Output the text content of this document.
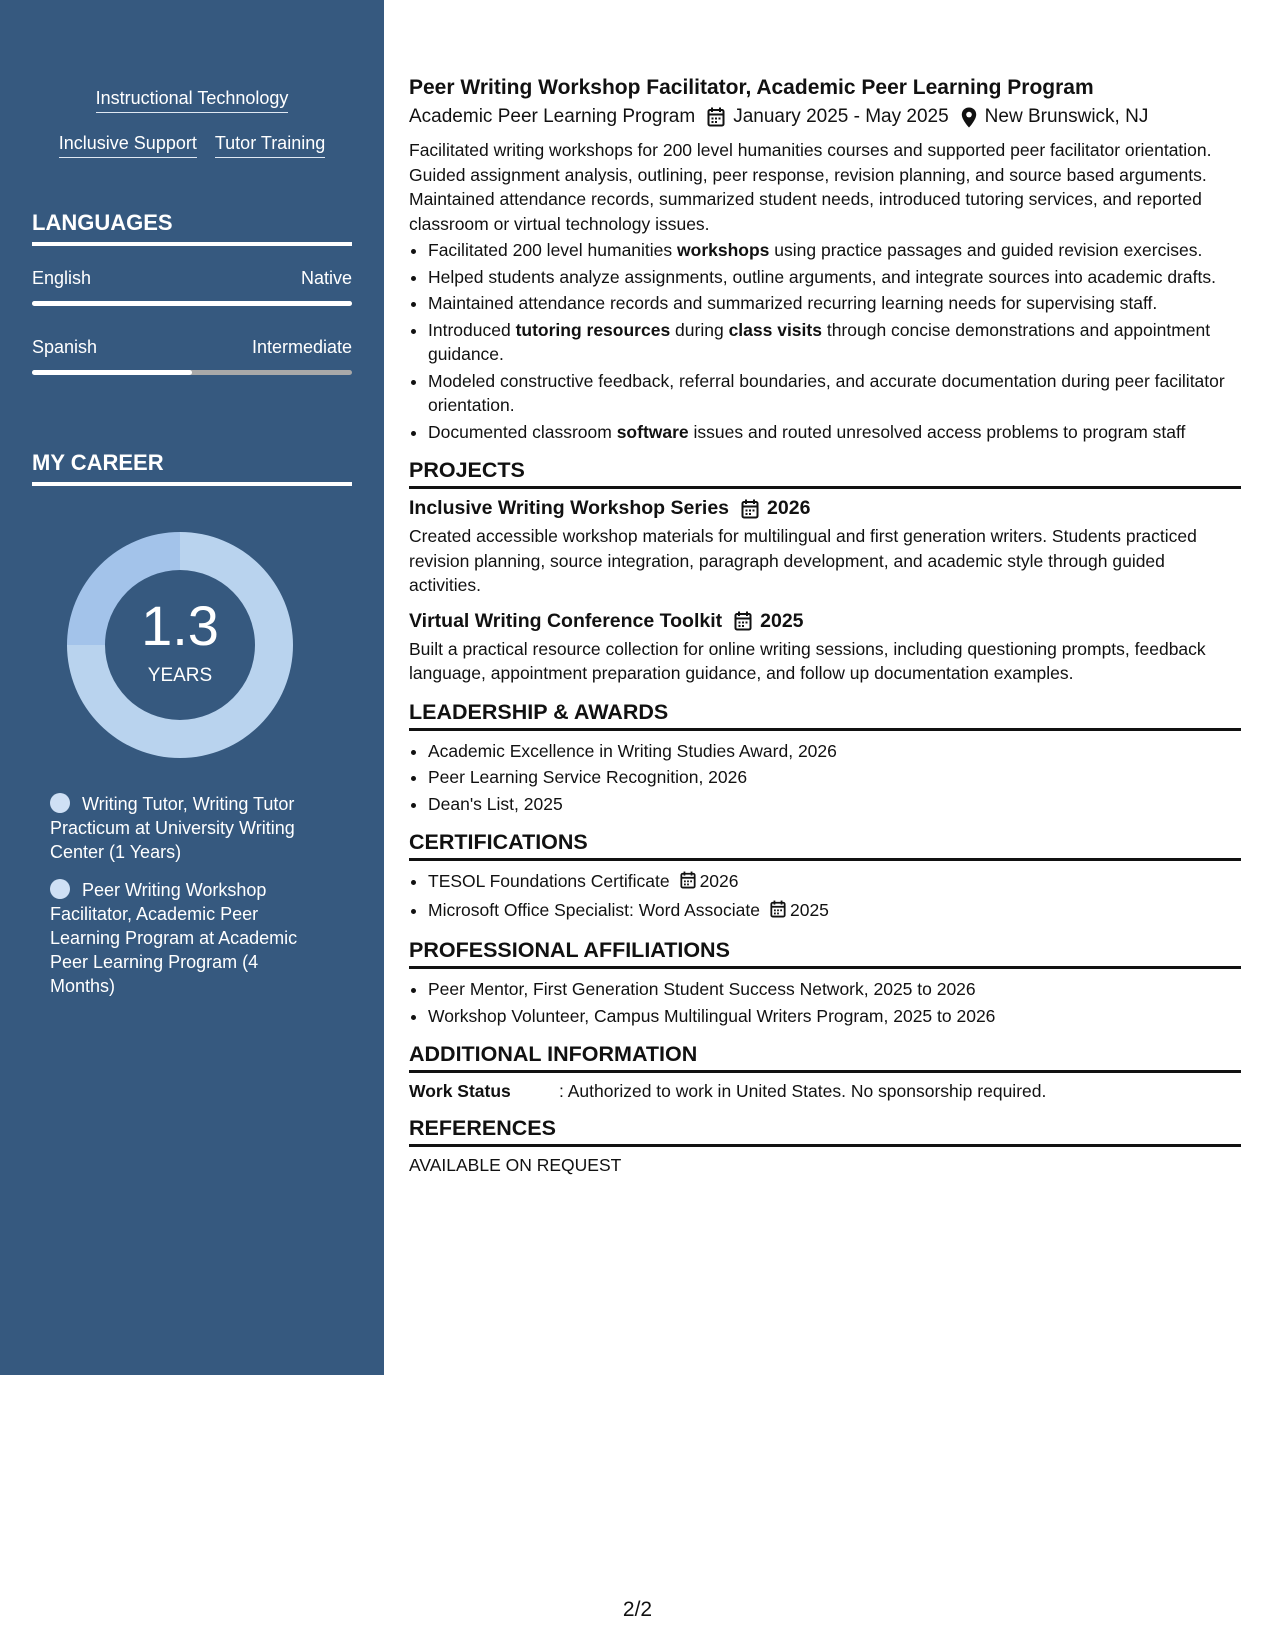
Instructional Technology
Inclusive Support Tutor Training
LANGUAGES
English	Native
Spanish	Intermediate
MY CAREER
1.3
YEARS
Writing Tutor, Writing Tutor Practicum at University Writing Center (1 Years)
Peer Writing Workshop Facilitator, Academic Peer Learning Program at Academic Peer Learning Program (4 Months)
Peer Writing Workshop Facilitator, Academic Peer Learning Program
Academic Peer Learning Program January 2025 - May 2025 New Brunswick, NJ

Facilitated writing workshops for 200 level humanities courses and supported peer facilitator orientation. Guided assignment analysis, outlining, peer response, revision planning, and source based arguments. Maintained attendance records, summarized student needs, introduced tutoring services, and reported classroom or virtual technology issues.

• Facilitated 200 level humanities workshops using practice passages and guided revision exercises.
• Helped students analyze assignments, outline arguments, and integrate sources into academic drafts.
• Maintained attendance records and summarized recurring learning needs for supervising staff.
• Introduced tutoring resources during class visits through concise demonstrations and appointment guidance.
• Modeled constructive feedback, referral boundaries, and accurate documentation during peer facilitator orientation.
• Documented classroom software issues and routed unresolved access problems to program staff
PROJECTS
Inclusive Writing Workshop Series 2026

Created accessible workshop materials for multilingual and first generation writers. Students practiced revision planning, source integration, paragraph development, and academic style through guided activities.

Virtual Writing Conference Toolkit 2025

Built a practical resource collection for online writing sessions, including questioning prompts, feedback language, appointment preparation guidance, and follow up documentation examples.

LEADERSHIP & AWARDS
• Academic Excellence in Writing Studies Award, 2026
• Peer Learning Service Recognition, 2026
• Dean's List, 2025
CERTIFICATIONS
• TESOL Foundations Certificate 2026
• Microsoft Office Specialist: Word Associate 2025
PROFESSIONAL AFFILIATIONS
• Peer Mentor, First Generation Student Success Network, 2025 to 2026
• Workshop Volunteer, Campus Multilingual Writers Program, 2025 to 2026
ADDITIONAL INFORMATION
Work Status	: Authorized to work in United States. No sponsorship required.
REFERENCES
AVAILABLE ON REQUEST
2/2
